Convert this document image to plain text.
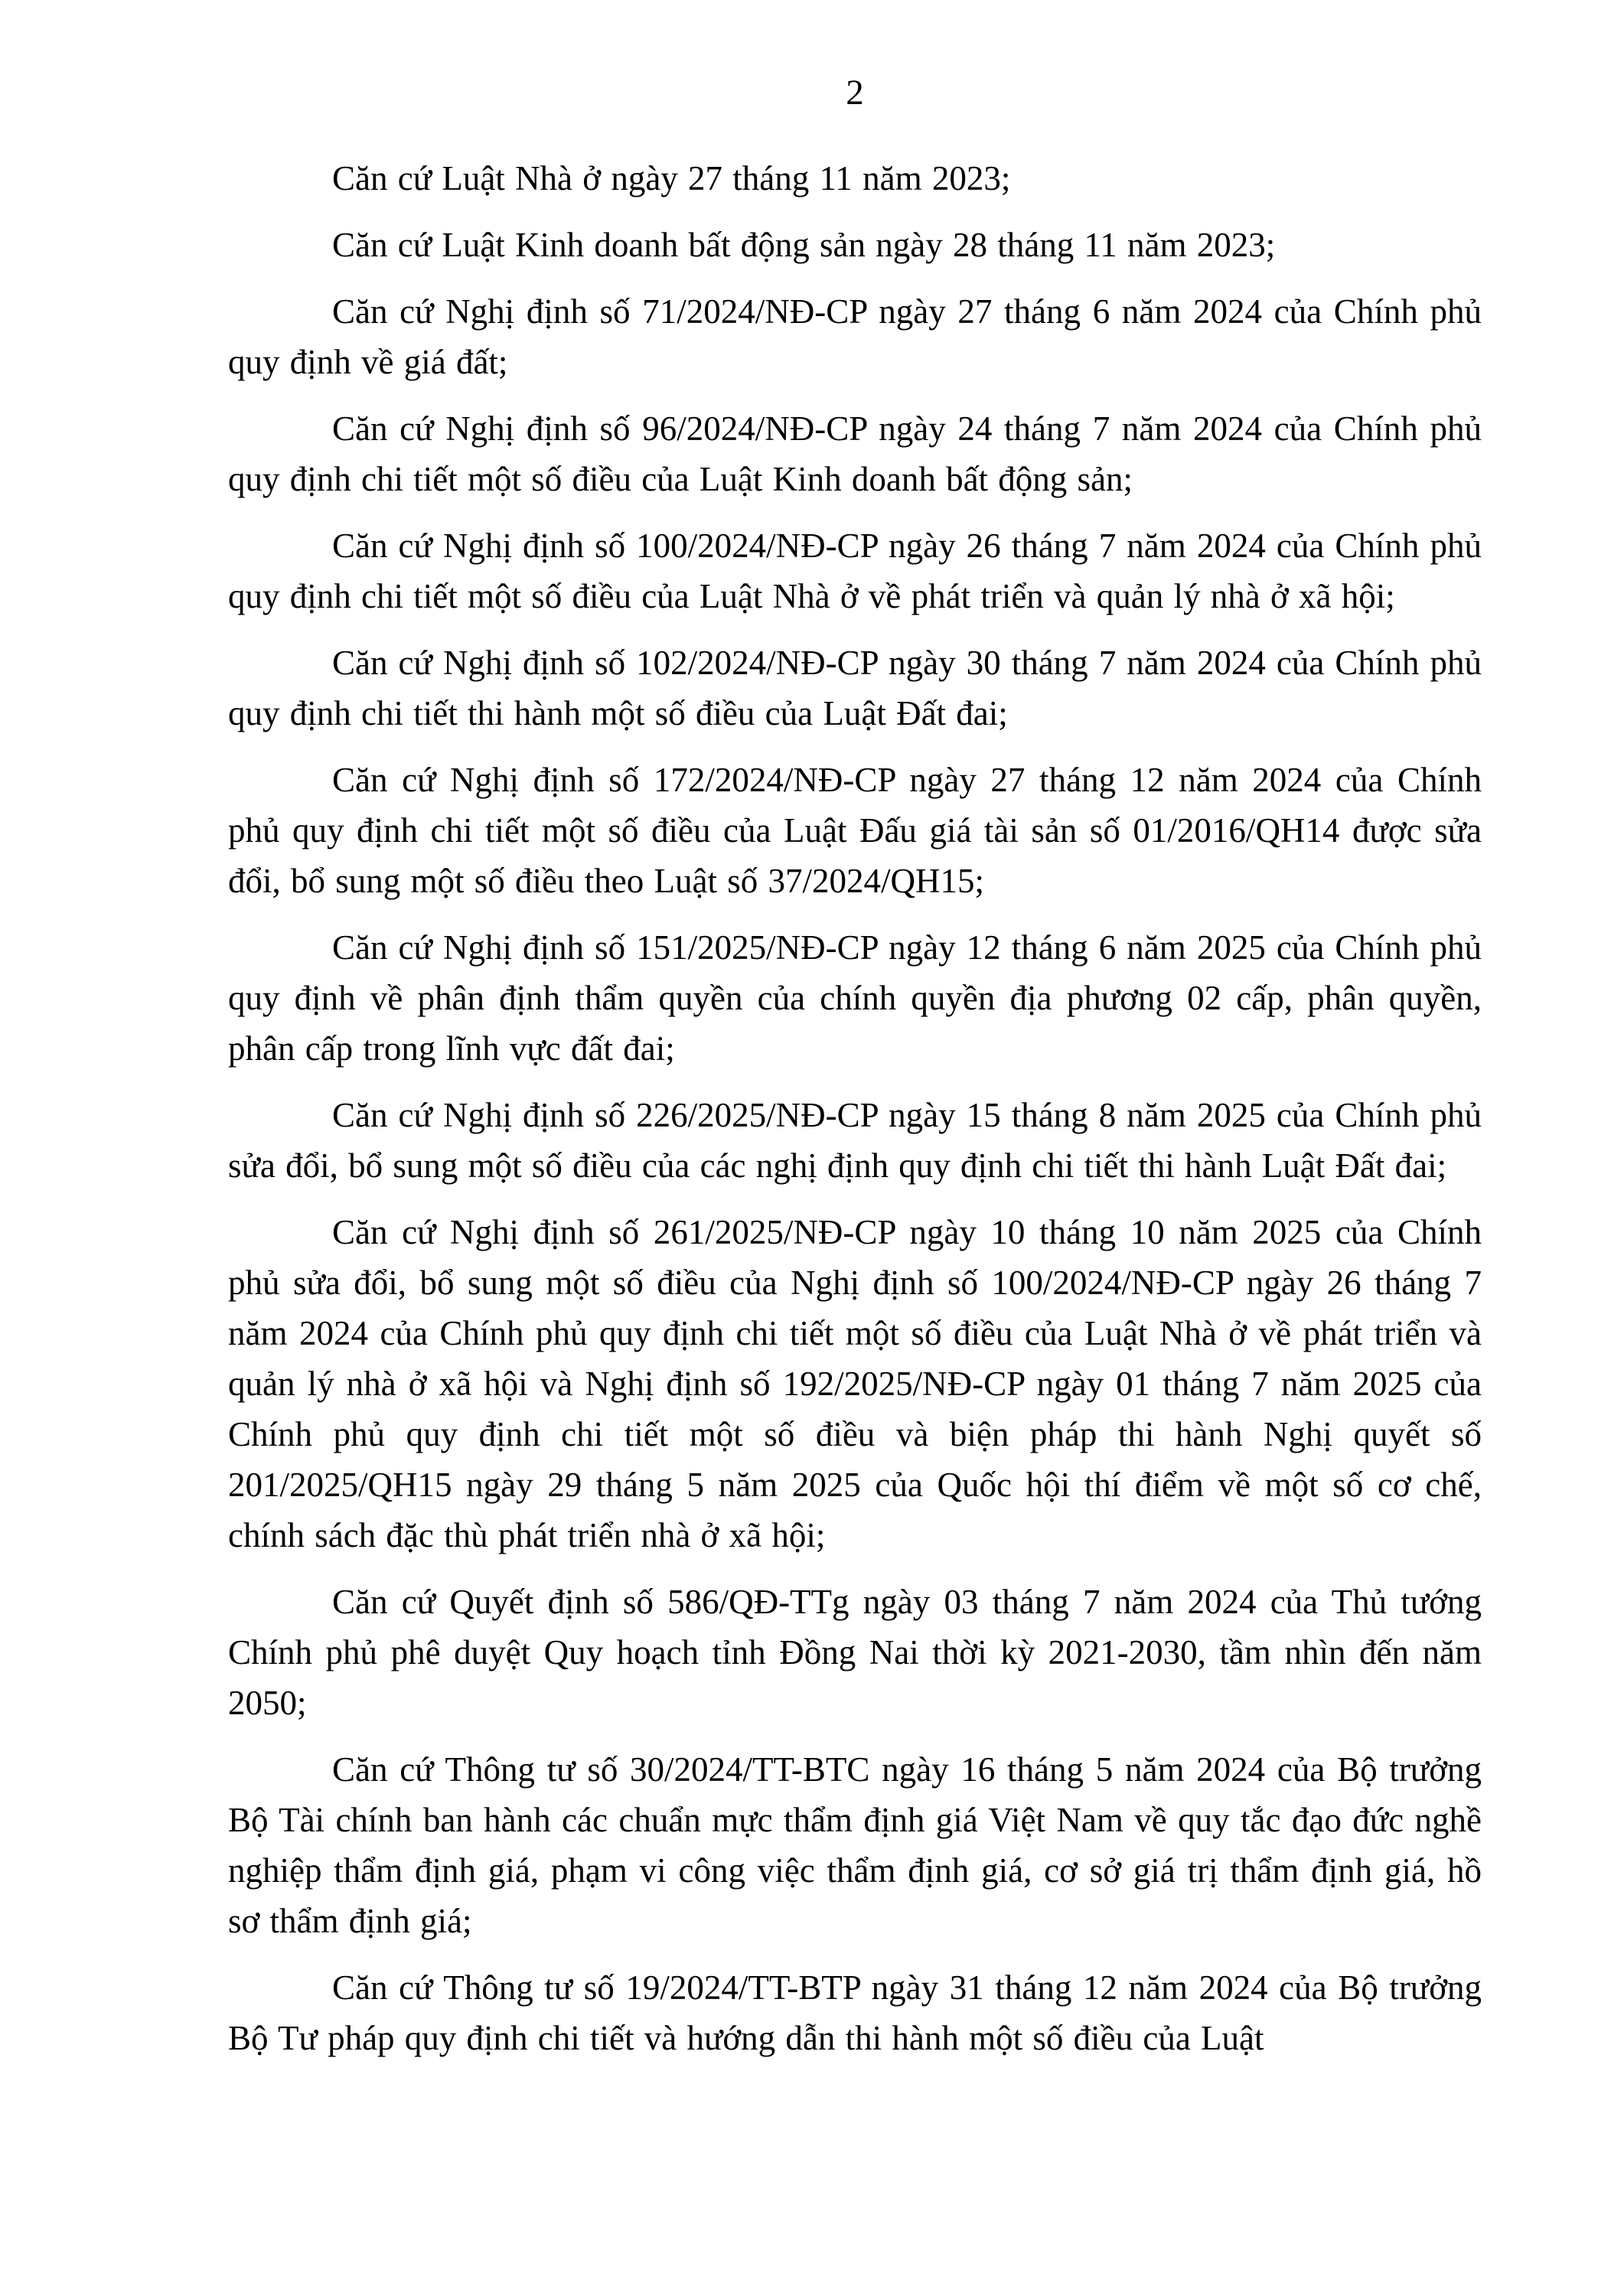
2

Căn cứ Luật Nhà ở ngày 27 tháng 11 năm 2023;

Căn cứ Luật Kinh doanh bất động sản ngày 28 tháng 11 năm 2023;

Căn cứ Nghị định số 71/2024/NĐ-CP ngày 27 tháng 6 năm 2024 của Chính phủ quy định về giá đất;

Căn cứ Nghị định số 96/2024/NĐ-CP ngày 24 tháng 7 năm 2024 của Chính phủ quy định chi tiết một số điều của Luật Kinh doanh bất động sản;

Căn cứ Nghị định số 100/2024/NĐ-CP ngày 26 tháng 7 năm 2024 của Chính phủ quy định chi tiết một số điều của Luật Nhà ở về phát triển và quản lý nhà ở xã hội;

Căn cứ Nghị định số 102/2024/NĐ-CP ngày 30 tháng 7 năm 2024 của Chính phủ quy định chi tiết thi hành một số điều của Luật Đất đai;

Căn cứ Nghị định số 172/2024/NĐ-CP ngày 27 tháng 12 năm 2024 của Chính phủ quy định chi tiết một số điều của Luật Đấu giá tài sản số 01/2016/QH14 được sửa đổi, bổ sung một số điều theo Luật số 37/2024/QH15;

Căn cứ Nghị định số 151/2025/NĐ-CP ngày 12 tháng 6 năm 2025 của Chính phủ quy định về phân định thẩm quyền của chính quyền địa phương 02 cấp, phân quyền, phân cấp trong lĩnh vực đất đai;

Căn cứ Nghị định số 226/2025/NĐ-CP ngày 15 tháng 8 năm 2025 của Chính phủ sửa đổi, bổ sung một số điều của các nghị định quy định chi tiết thi hành Luật Đất đai;

Căn cứ Nghị định số 261/2025/NĐ-CP ngày 10 tháng 10 năm 2025 của Chính phủ sửa đổi, bổ sung một số điều của Nghị định số 100/2024/NĐ-CP ngày 26 tháng 7 năm 2024 của Chính phủ quy định chi tiết một số điều của Luật Nhà ở về phát triển và quản lý nhà ở xã hội và Nghị định số 192/2025/NĐ-CP ngày 01 tháng 7 năm 2025 của Chính phủ quy định chi tiết một số điều và biện pháp thi hành Nghị quyết số 201/2025/QH15 ngày 29 tháng 5 năm 2025 của Quốc hội thí điểm về một số cơ chế, chính sách đặc thù phát triển nhà ở xã hội;

Căn cứ Quyết định số 586/QĐ-TTg ngày 03 tháng 7 năm 2024 của Thủ tướng Chính phủ phê duyệt Quy hoạch tỉnh Đồng Nai thời kỳ 2021-2030, tầm nhìn đến năm 2050;

Căn cứ Thông tư số 30/2024/TT-BTC ngày 16 tháng 5 năm 2024 của Bộ trưởng Bộ Tài chính ban hành các chuẩn mực thẩm định giá Việt Nam về quy tắc đạo đức nghề nghiệp thẩm định giá, phạm vi công việc thẩm định giá, cơ sở giá trị thẩm định giá, hồ sơ thẩm định giá;

Căn cứ Thông tư số 19/2024/TT-BTP ngày 31 tháng 12 năm 2024 của Bộ trưởng Bộ Tư pháp quy định chi tiết và hướng dẫn thi hành một số điều của Luật
